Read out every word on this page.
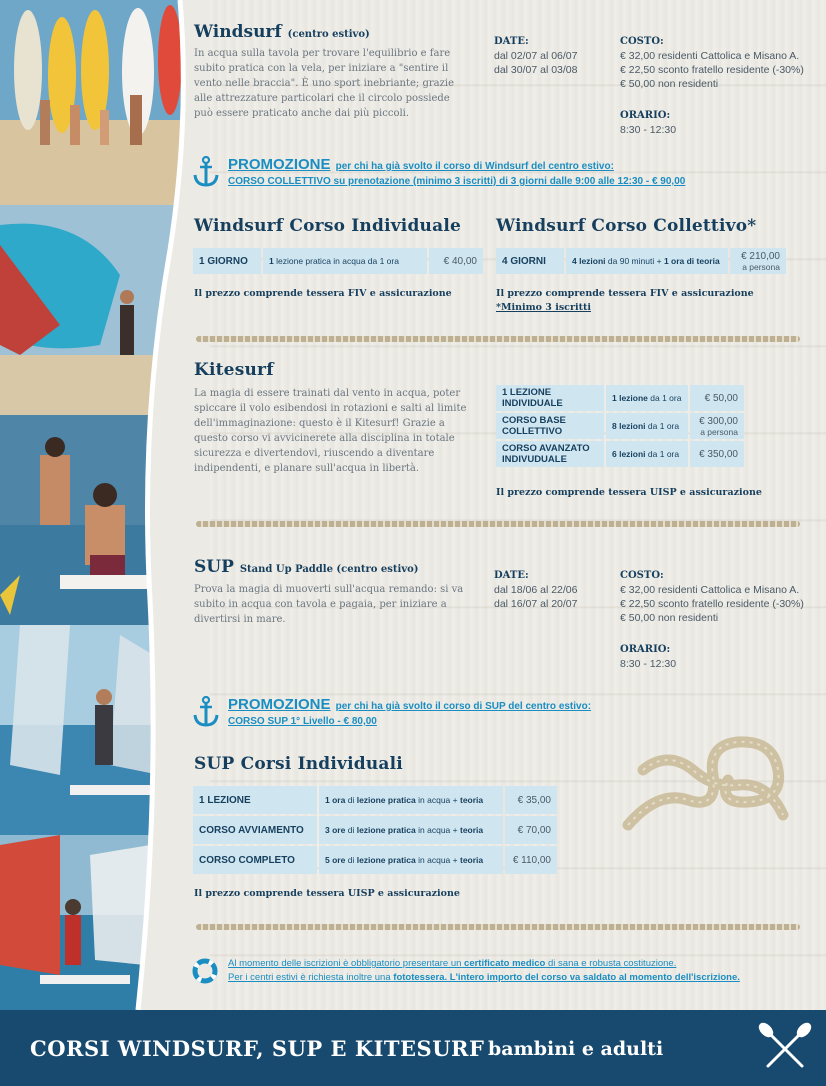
Windsurf (centro estivo)
In acqua sulla tavola per trovare l'equilibrio e fare subito pratica con la vela, per iniziare a "sentire il vento nelle braccia". È uno sport inebriante; grazie alle attrezzature particolari che il circolo possiede può essere praticato anche dai più piccoli.
DATE:
dal 02/07 al 06/07
dal 30/07 al 03/08
COSTO:
€ 32,00 residenti Cattolica e Misano A.
€ 22,50 sconto fratello residente (-30%)
€ 50,00 non residenti
ORARIO:
8:30 - 12:30
PROMOZIONE per chi ha già svolto il corso di Windsurf del centro estivo:
CORSO COLLETTIVO su prenotazione (minimo 3 iscritti) di 3 giorni dalle 9:00 alle 12:30 - € 90,00
Windsurf Corso Individuale
1 GIORNO	1 lezione pratica in acqua da 1 ora	€ 40,00
Il prezzo comprende tessera FIV e assicurazione
Windsurf Corso Collettivo*
4 GIORNI	4 lezioni da 90 minuti + 1 ora di teoria	€ 210,00
a persona
Il prezzo comprende tessera FIV e assicurazione
*Minimo 3 iscritti
Kitesurf
La magia di essere trainati dal vento in acqua, poter spiccare il volo esibendosi in rotazioni e salti al limite dell'immaginazione: questo è il Kitesurf! Grazie a questo corso vi avvicinerete alla disciplina in totale sicurezza e divertendovi, riuscendo a diventare indipendenti, e planare sull'acqua in libertà.
1 LEZIONE INDIVIDUALE	1 lezione da 1 ora	€ 50,00
CORSO BASE COLLETTIVO	8 lezioni da 1 ora	€ 300,00
a persona

CORSO AVANZATO INDIVUDUALE	6 lezioni da 1 ora	€ 350,00
Il prezzo comprende tessera UISP e assicurazione
SUP Stand Up Paddle (centro estivo)
Prova la magia di muoverti sull'acqua remando: si va subito in acqua con tavola e pagaia, per iniziare a divertirsi in mare.
DATE:
dal 18/06 al 22/06
dal 16/07 al 20/07
COSTO:
€ 32,00 residenti Cattolica e Misano A.
€ 22,50 sconto fratello residente (-30%)
€ 50,00 non residenti
ORARIO:
8:30 - 12:30
PROMOZIONE per chi ha già svolto il corso di SUP del centro estivo:
CORSO SUP 1° Livello - € 80,00
SUP Corsi Individuali
1 LEZIONE	1 ora di lezione pratica in acqua + teoria	€ 35,00
CORSO AVVIAMENTO	3 ore di lezione pratica in acqua + teoria	€ 70,00
CORSO COMPLETO	5 ore di lezione pratica in acqua + teoria	€ 110,00
Il prezzo comprende tessera UISP e assicurazione
Al momento delle iscrizioni è obbligatorio presentare un certificato medico di sana e robusta costituzione.
Per i centri estivi è richiesta inoltre una fototessera. L'intero importo del corso va saldato al momento dell'iscrizione.
CORSI WINDSURF, SUP E KITESURF bambini e adulti
